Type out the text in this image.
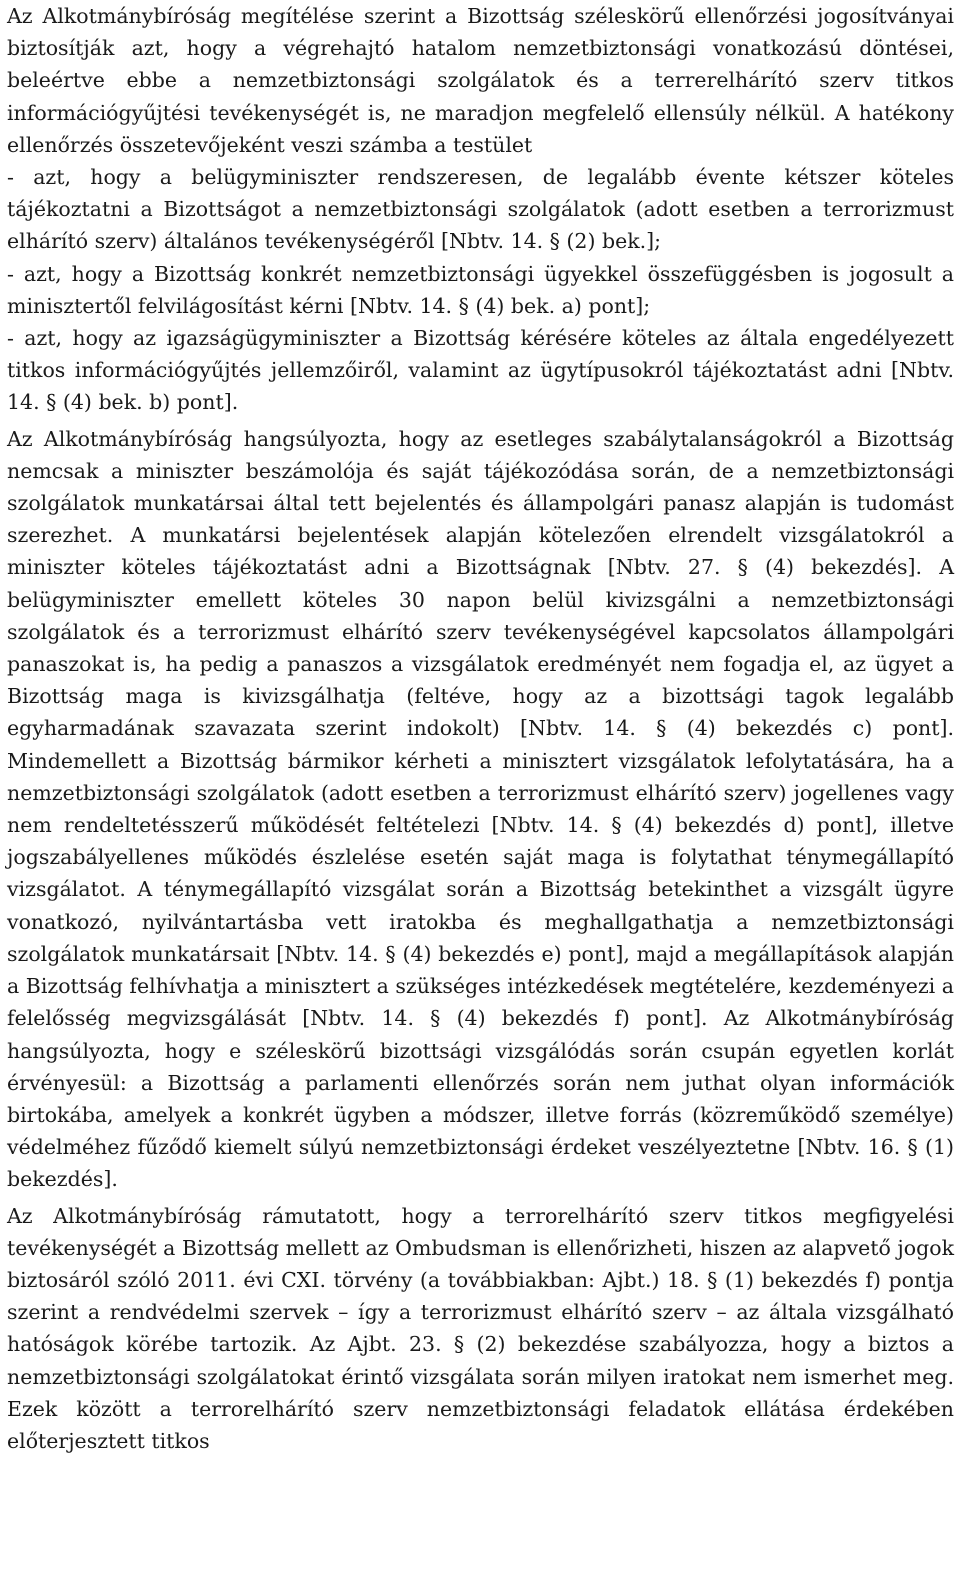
Az Alkotmánybíróság megítélése szerint a Bizottság széleskörű ellenőrzési jogosítványai biztosítják azt, hogy a végrehajtó hatalom nemzetbiztonsági vonatkozású döntései, beleértve ebbe a nemzetbiztonsági szolgálatok és a terrerelhárító szerv titkos információgyűjtési tevékenységét is, ne maradjon megfelelő ellensúly nélkül. A hatékony ellenőrzés összetevőjeként veszi számba a testület

- azt, hogy a belügyminiszter rendszeresen, de legalább évente kétszer köteles tájékoztatni a Bizottságot a nemzetbiztonsági szolgálatok (adott esetben a terrorizmust elhárító szerv) általános tevékenységéről [Nbtv. 14. § (2) bek.];

- azt, hogy a Bizottság konkrét nemzetbiztonsági ügyekkel összefüggésben is jogosult a minisztertől felvilágosítást kérni [Nbtv. 14. § (4) bek. a) pont];

- azt, hogy az igazságügyminiszter a Bizottság kérésére köteles az általa engedélyezett titkos információgyűjtés jellemzőiről, valamint az ügytípusokról tájékoztatást adni [Nbtv. 14. § (4) bek. b) pont].

Az Alkotmánybíróság hangsúlyozta, hogy az esetleges szabálytalanságokról a Bizottság nemcsak a miniszter beszámolója és saját tájékozódása során, de a nemzetbiztonsági szolgálatok munkatársai által tett bejelentés és állampolgári panasz alapján is tudomást szerezhet. A munkatársi bejelentések alapján kötelezően elrendelt vizsgálatokról a miniszter köteles tájékoztatást adni a Bizottságnak [Nbtv. 27. § (4) bekezdés]. A belügyminiszter emellett köteles 30 napon belül kivizsgálni a nemzetbiztonsági szolgálatok és a terrorizmust elhárító szerv tevékenységével kapcsolatos állampolgári panaszokat is, ha pedig a panaszos a vizsgálatok eredményét nem fogadja el, az ügyet a Bizottság maga is kivizsgálhatja (feltéve, hogy az a bizottsági tagok legalább egyharmadának szavazata szerint indokolt) [Nbtv. 14. § (4) bekezdés c) pont]. Mindemellett a Bizottság bármikor kérheti a minisztert vizsgálatok lefolytatására, ha a nemzetbiztonsági szolgálatok (adott esetben a terrorizmust elhárító szerv) jogellenes vagy nem rendeltetésszerű működését feltételezi [Nbtv. 14. § (4) bekezdés d) pont], illetve jogszabályellenes működés észlelése esetén saját maga is folytathat ténymegállapító vizsgálatot. A ténymegállapító vizsgálat során a Bizottság betekinthet a vizsgált ügyre vonatkozó, nyilvántartásba vett iratokba és meghallgathatja a nemzetbiztonsági szolgálatok munkatársait [Nbtv. 14. § (4) bekezdés e) pont], majd a megállapítások alapján a Bizottság felhívhatja a minisztert a szükséges intézkedések megtételére, kezdeményezi a felelősség megvizsgálását [Nbtv. 14. § (4) bekezdés f) pont]. Az Alkotmánybíróság hangsúlyozta, hogy e széleskörű bizottsági vizsgálódás során csupán egyetlen korlát érvényesül: a Bizottság a parlamenti ellenőrzés során nem juthat olyan információk birtokába, amelyek a konkrét ügyben a módszer, illetve forrás (közreműködő személye) védelméhez fűződő kiemelt súlyú nemzetbiztonsági érdeket veszélyeztetne [Nbtv. 16. § (1) bekezdés].

Az Alkotmánybíróság rámutatott, hogy a terrorelhárító szerv titkos megfigyelési tevékenységét a Bizottság mellett az Ombudsman is ellenőrizheti, hiszen az alapvető jogok biztosáról szóló 2011. évi CXI. törvény (a továbbiakban: Ajbt.) 18. § (1) bekezdés f) pontja szerint a rendvédelmi szervek – így a terrorizmust elhárító szerv – az általa vizsgálható hatóságok körébe tartozik. Az Ajbt. 23. § (2) bekezdése szabályozza, hogy a biztos a nemzetbiztonsági szolgálatokat érintő vizsgálata során milyen iratokat nem ismerhet meg. Ezek között a terrorelhárító szerv nemzetbiztonsági feladatok ellátása érdekében előterjesztett titkos
